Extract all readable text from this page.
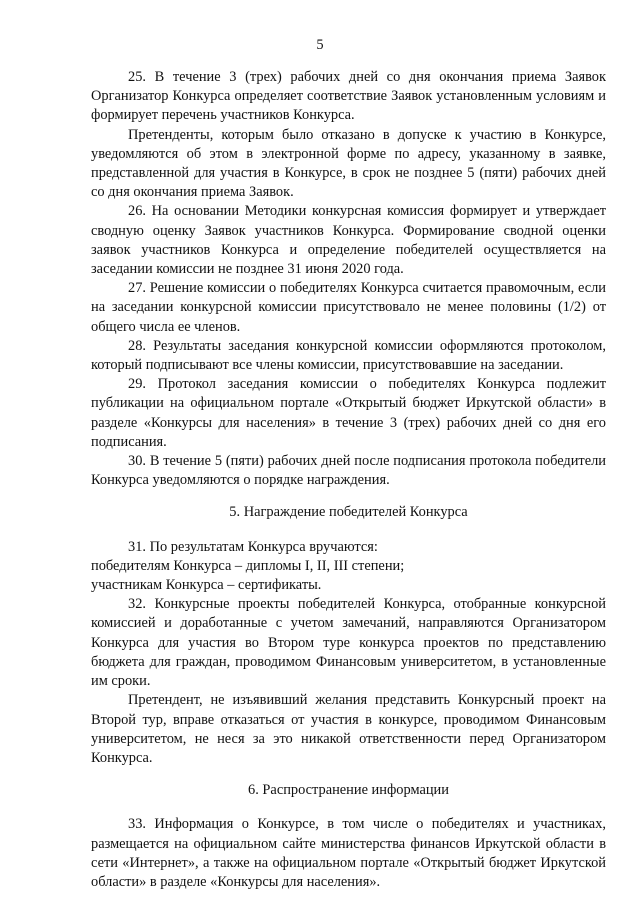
5

25. В течение 3 (трех) рабочих дней со дня окончания приема Заявок Организатор Конкурса определяет соответствие Заявок установленным условиям и формирует перечень участников Конкурса.

Претенденты, которым было отказано в допуске к участию в Конкурсе, уведомляются об этом в электронной форме по адресу, указанному в заявке, представленной для участия в Конкурсе, в срок не позднее 5 (пяти) рабочих дней со дня окончания приема Заявок.

26. На основании Методики конкурсная комиссия формирует и утверждает сводную оценку Заявок участников Конкурса. Формирование сводной оценки заявок участников Конкурса и определение победителей осуществляется на заседании комиссии не позднее 31 июня 2020 года.

27. Решение комиссии о победителях Конкурса считается правомочным, если на заседании конкурсной комиссии присутствовало не менее половины (1/2) от общего числа ее членов.

28. Результаты заседания конкурсной комиссии оформляются протоколом, который подписывают все члены комиссии, присутствовавшие на заседании.

29. Протокол заседания комиссии о победителях Конкурса подлежит публикации на официальном портале «Открытый бюджет Иркутской области» в разделе «Конкурсы для населения» в течение 3 (трех) рабочих дней со дня его подписания.

30. В течение 5 (пяти) рабочих дней после подписания протокола победители Конкурса уведомляются о порядке награждения.

5. Награждение победителей Конкурса

31. По результатам Конкурса вручаются:

победителям Конкурса – дипломы I, II, III степени;

участникам Конкурса – сертификаты.

32. Конкурсные проекты победителей Конкурса, отобранные конкурсной комиссией и доработанные с учетом замечаний, направляются Организатором Конкурса для участия во Втором туре конкурса проектов по представлению бюджета для граждан, проводимом Финансовым университетом, в установленные им сроки.

Претендент, не изъявивший желания представить Конкурсный проект на Второй тур, вправе отказаться от участия в конкурсе, проводимом Финансовым университетом, не неся за это никакой ответственности перед Организатором Конкурса.

6. Распространение информации

33. Информация о Конкурсе, в том числе о победителях и участниках, размещается на официальном сайте министерства финансов Иркутской области в сети «Интернет», а также на официальном портале «Открытый бюджет Иркутской области» в разделе «Конкурсы для населения».
